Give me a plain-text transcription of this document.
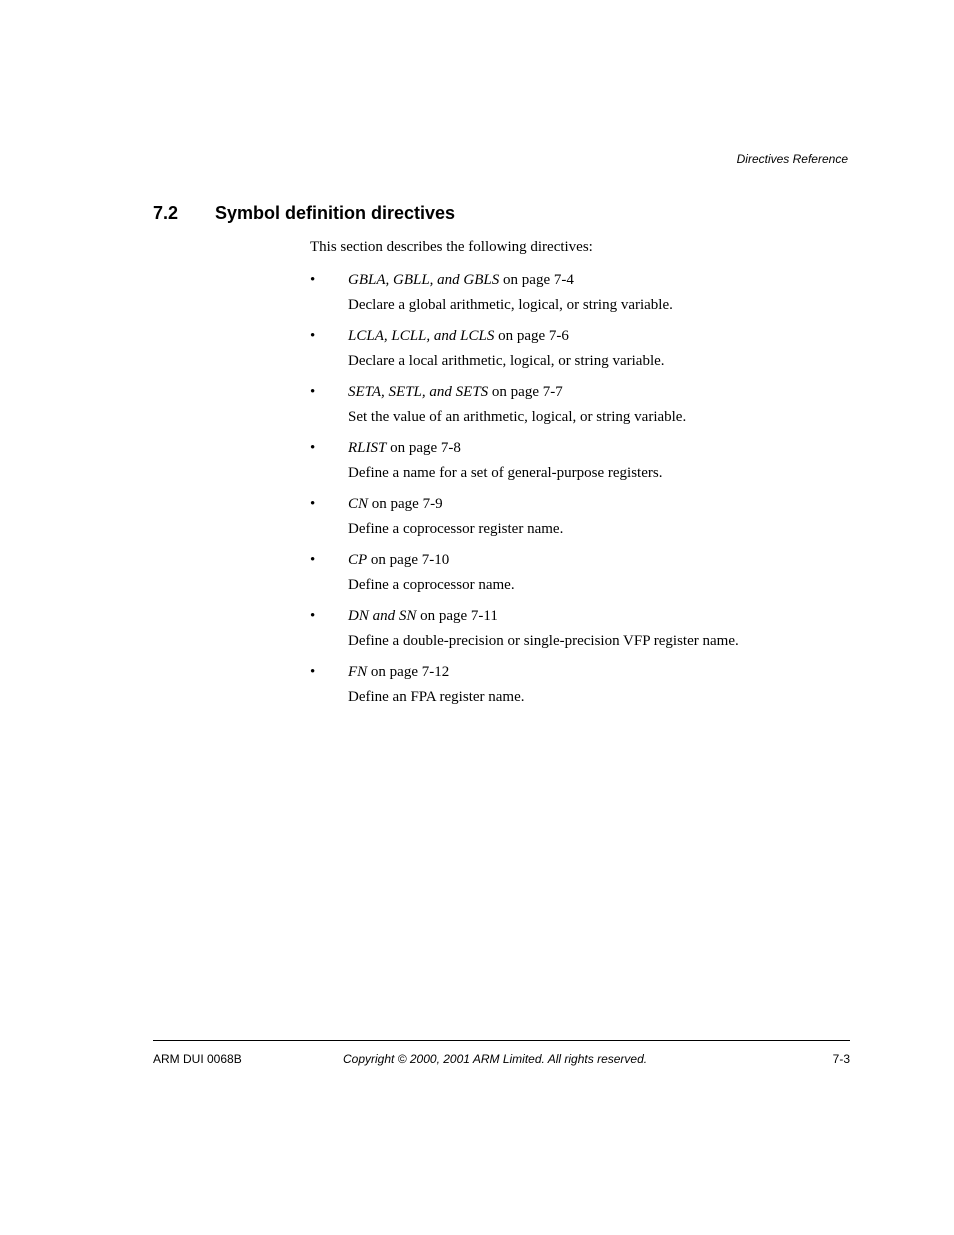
Directives Reference
7.2	Symbol definition directives
This section describes the following directives:
• GBLA, GBLL, and GBLS on page 7-4
Declare a global arithmetic, logical, or string variable.
• LCLA, LCLL, and LCLS on page 7-6
Declare a local arithmetic, logical, or string variable.
• SETA, SETL, and SETS on page 7-7
Set the value of an arithmetic, logical, or string variable.
• RLIST on page 7-8
Define a name for a set of general-purpose registers.
• CN on page 7-9
Define a coprocessor register name.
• CP on page 7-10
Define a coprocessor name.
• DN and SN on page 7-11
Define a double-precision or single-precision VFP register name.
• FN on page 7-12
Define an FPA register name.
ARM DUI 0068B	Copyright © 2000, 2001 ARM Limited. All rights reserved.	7-3
